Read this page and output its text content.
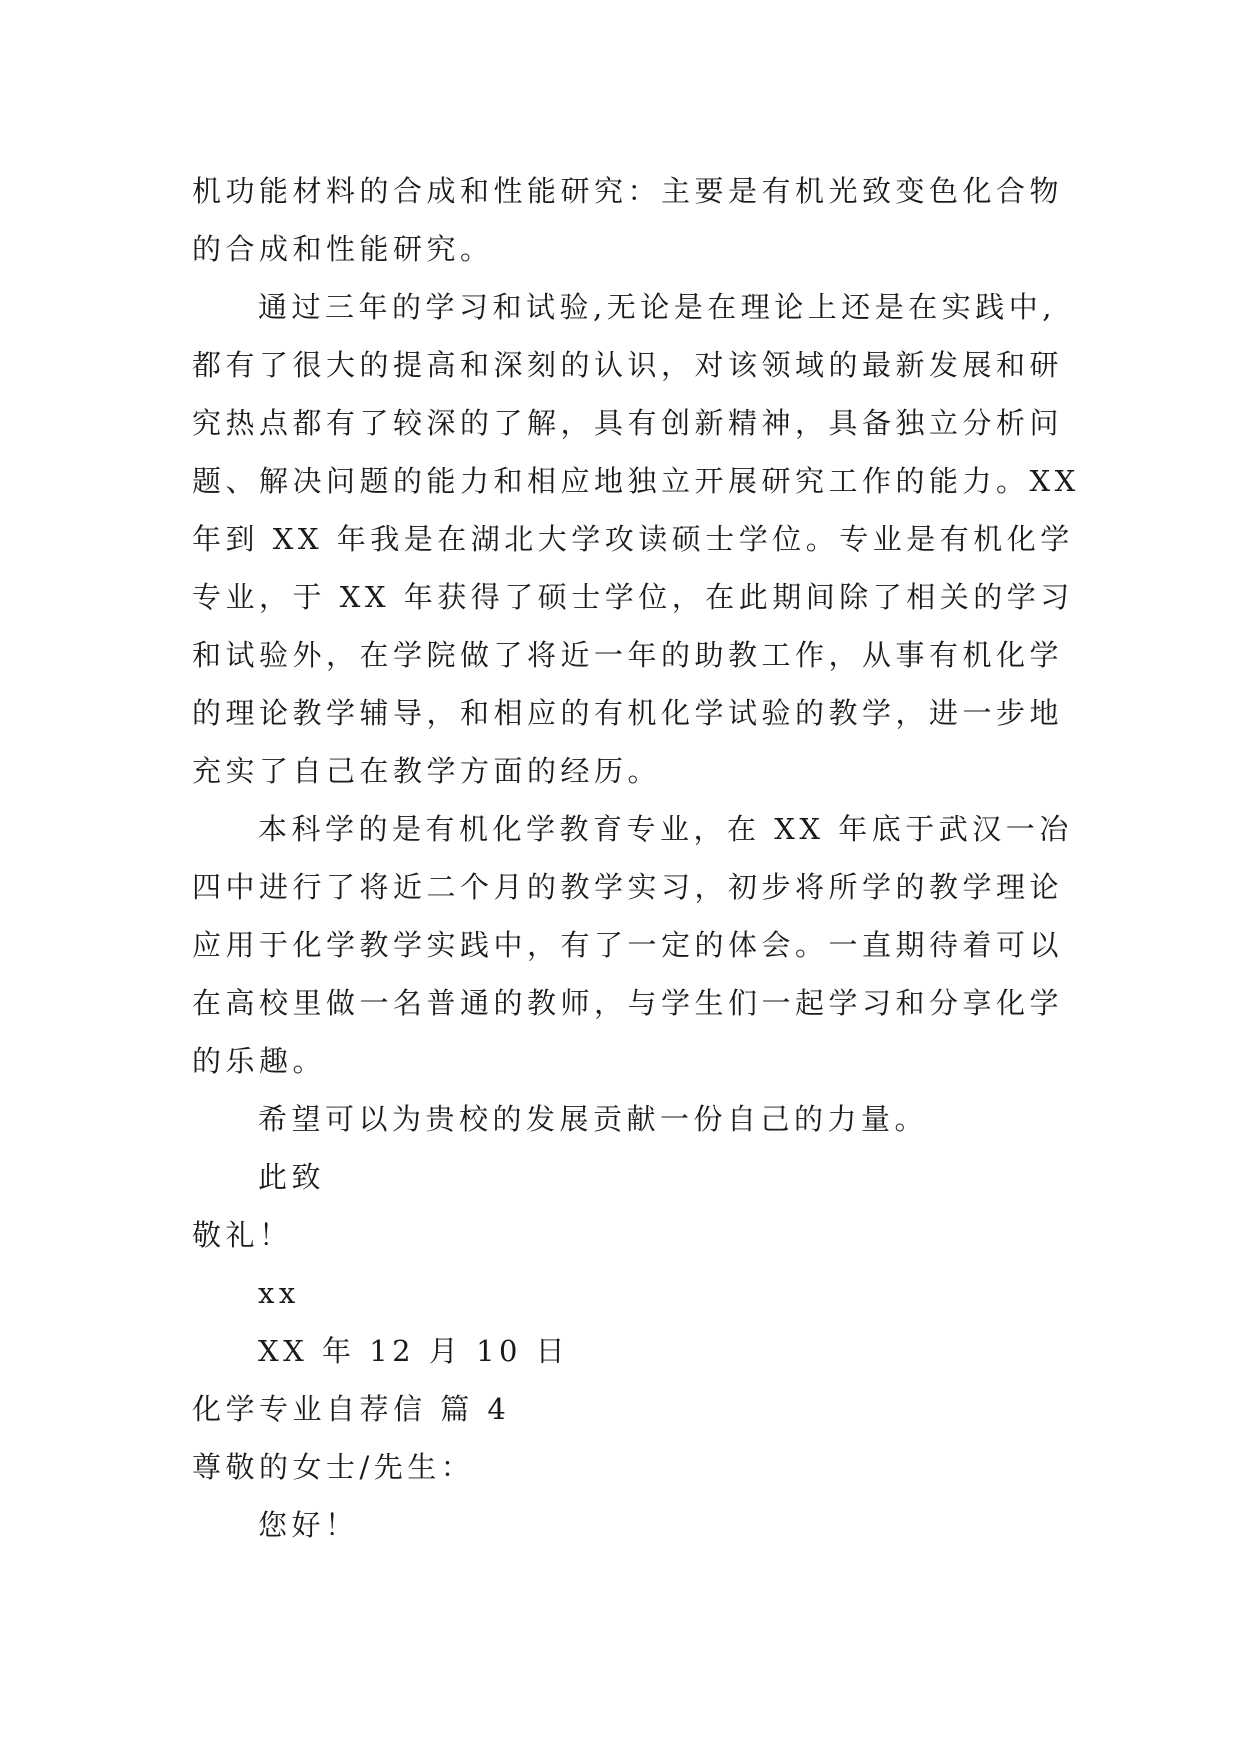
机功能材料的合成和性能研究：主要是有机光致变色化合物
的合成和性能研究。
通过三年的学习和试验,无论是在理论上还是在实践中,
都有了很大的提高和深刻的认识，对该领域的最新发展和研
究热点都有了较深的了解，具有创新精神，具备独立分析问
题、解决问题的能力和相应地独立开展研究工作的能力。XX
年到 XX 年我是在湖北大学攻读硕士学位。专业是有机化学
专业，于 XX 年获得了硕士学位，在此期间除了相关的学习
和试验外，在学院做了将近一年的助教工作，从事有机化学
的理论教学辅导，和相应的有机化学试验的教学，进一步地
充实了自己在教学方面的经历。
本科学的是有机化学教育专业，在 XX 年底于武汉一冶
四中进行了将近二个月的教学实习，初步将所学的教学理论
应用于化学教学实践中，有了一定的体会。一直期待着可以
在高校里做一名普通的教师，与学生们一起学习和分享化学
的乐趣。
希望可以为贵校的发展贡献一份自己的力量。
此致
敬礼！
xx
XX 年 12 月 10 日
化学专业自荐信 篇 4
尊敬的女士/先生：
您好！
